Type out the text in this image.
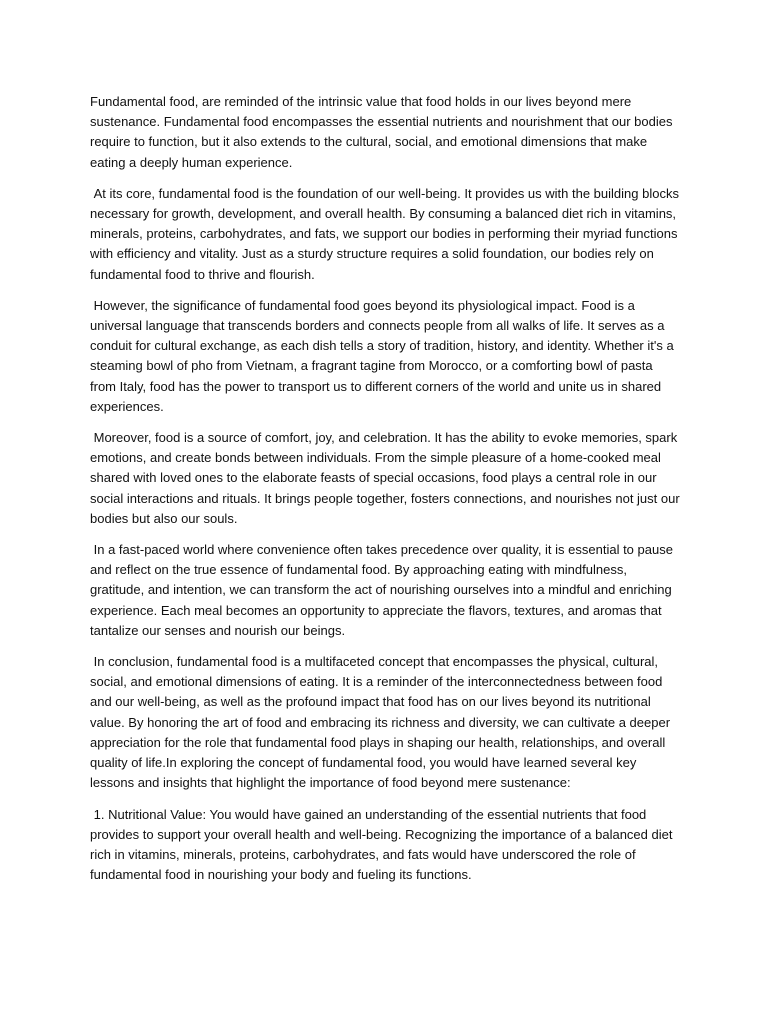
Fundamental food, are reminded of the intrinsic value that food holds in our lives beyond mere sustenance. Fundamental food encompasses the essential nutrients and nourishment that our bodies require to function, but it also extends to the cultural, social, and emotional dimensions that make eating a deeply human experience.

At its core, fundamental food is the foundation of our well-being. It provides us with the building blocks necessary for growth, development, and overall health. By consuming a balanced diet rich in vitamins, minerals, proteins, carbohydrates, and fats, we support our bodies in performing their myriad functions with efficiency and vitality. Just as a sturdy structure requires a solid foundation, our bodies rely on fundamental food to thrive and flourish.

However, the significance of fundamental food goes beyond its physiological impact. Food is a universal language that transcends borders and connects people from all walks of life. It serves as a conduit for cultural exchange, as each dish tells a story of tradition, history, and identity. Whether it's a steaming bowl of pho from Vietnam, a fragrant tagine from Morocco, or a comforting bowl of pasta from Italy, food has the power to transport us to different corners of the world and unite us in shared experiences.

Moreover, food is a source of comfort, joy, and celebration. It has the ability to evoke memories, spark emotions, and create bonds between individuals. From the simple pleasure of a home-cooked meal shared with loved ones to the elaborate feasts of special occasions, food plays a central role in our social interactions and rituals. It brings people together, fosters connections, and nourishes not just our bodies but also our souls.

In a fast-paced world where convenience often takes precedence over quality, it is essential to pause and reflect on the true essence of fundamental food. By approaching eating with mindfulness, gratitude, and intention, we can transform the act of nourishing ourselves into a mindful and enriching experience. Each meal becomes an opportunity to appreciate the flavors, textures, and aromas that tantalize our senses and nourish our beings.

In conclusion, fundamental food is a multifaceted concept that encompasses the physical, cultural, social, and emotional dimensions of eating. It is a reminder of the interconnectedness between food and our well-being, as well as the profound impact that food has on our lives beyond its nutritional value. By honoring the art of food and embracing its richness and diversity, we can cultivate a deeper appreciation for the role that fundamental food plays in shaping our health, relationships, and overall quality of life.In exploring the concept of fundamental food, you would have learned several key lessons and insights that highlight the importance of food beyond mere sustenance:

1. Nutritional Value: You would have gained an understanding of the essential nutrients that food provides to support your overall health and well-being. Recognizing the importance of a balanced diet rich in vitamins, minerals, proteins, carbohydrates, and fats would have underscored the role of fundamental food in nourishing your body and fueling its functions.
